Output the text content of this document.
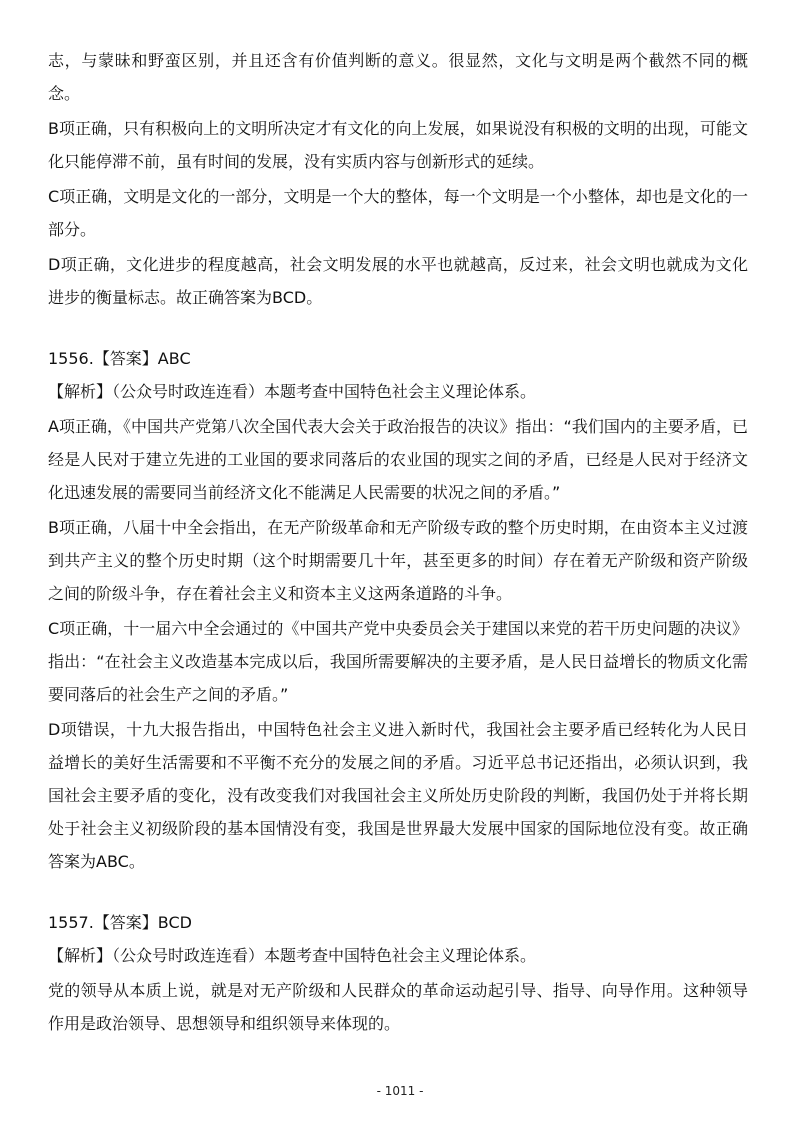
志，与蒙昧和野蛮区别，并且还含有价值判断的意义。很显然，文化与文明是两个截然不同的概念。

B项正确，只有积极向上的文明所决定才有文化的向上发展，如果说没有积极的文明的出现，可能文化只能停滞不前，虽有时间的发展，没有实质内容与创新形式的延续。

C项正确，文明是文化的一部分，文明是一个大的整体，每一个文明是一个小整体，却也是文化的一部分。

D项正确，文化进步的程度越高，社会文明发展的水平也就越高，反过来，社会文明也就成为文化进步的衡量标志。故正确答案为BCD。

1556.【答案】ABC

【解析】（公众号时政连连看）本题考查中国特色社会主义理论体系。

A项正确，《中国共产党第八次全国代表大会关于政治报告的决议》指出：“我们国内的主要矛盾，已经是人民对于建立先进的工业国的要求同落后的农业国的现实之间的矛盾，已经是人民对于经济文化迅速发展的需要同当前经济文化不能满足人民需要的状况之间的矛盾。”

B项正确，八届十中全会指出，在无产阶级革命和无产阶级专政的整个历史时期，在由资本主义过渡到共产主义的整个历史时期（这个时期需要几十年，甚至更多的时间）存在着无产阶级和资产阶级之间的阶级斗争，存在着社会主义和资本主义这两条道路的斗争。

C项正确，十一届六中全会通过的《中国共产党中央委员会关于建国以来党的若干历史问题的决议》指出：“在社会主义改造基本完成以后，我国所需要解决的主要矛盾，是人民日益增长的物质文化需要同落后的社会生产之间的矛盾。”

D项错误，十九大报告指出，中国特色社会主义进入新时代，我国社会主要矛盾已经转化为人民日益增长的美好生活需要和不平衡不充分的发展之间的矛盾。习近平总书记还指出，必须认识到，我国社会主要矛盾的变化，没有改变我们对我国社会主义所处历史阶段的判断，我国仍处于并将长期处于社会主义初级阶段的基本国情没有变，我国是世界最大发展中国家的国际地位没有变。故正确答案为ABC。

1557.【答案】BCD

【解析】（公众号时政连连看）本题考查中国特色社会主义理论体系。

党的领导从本质上说，就是对无产阶级和人民群众的革命运动起引导、指导、向导作用。这种领导作用是政治领导、思想领导和组织领导来体现的。

- 1011 -
